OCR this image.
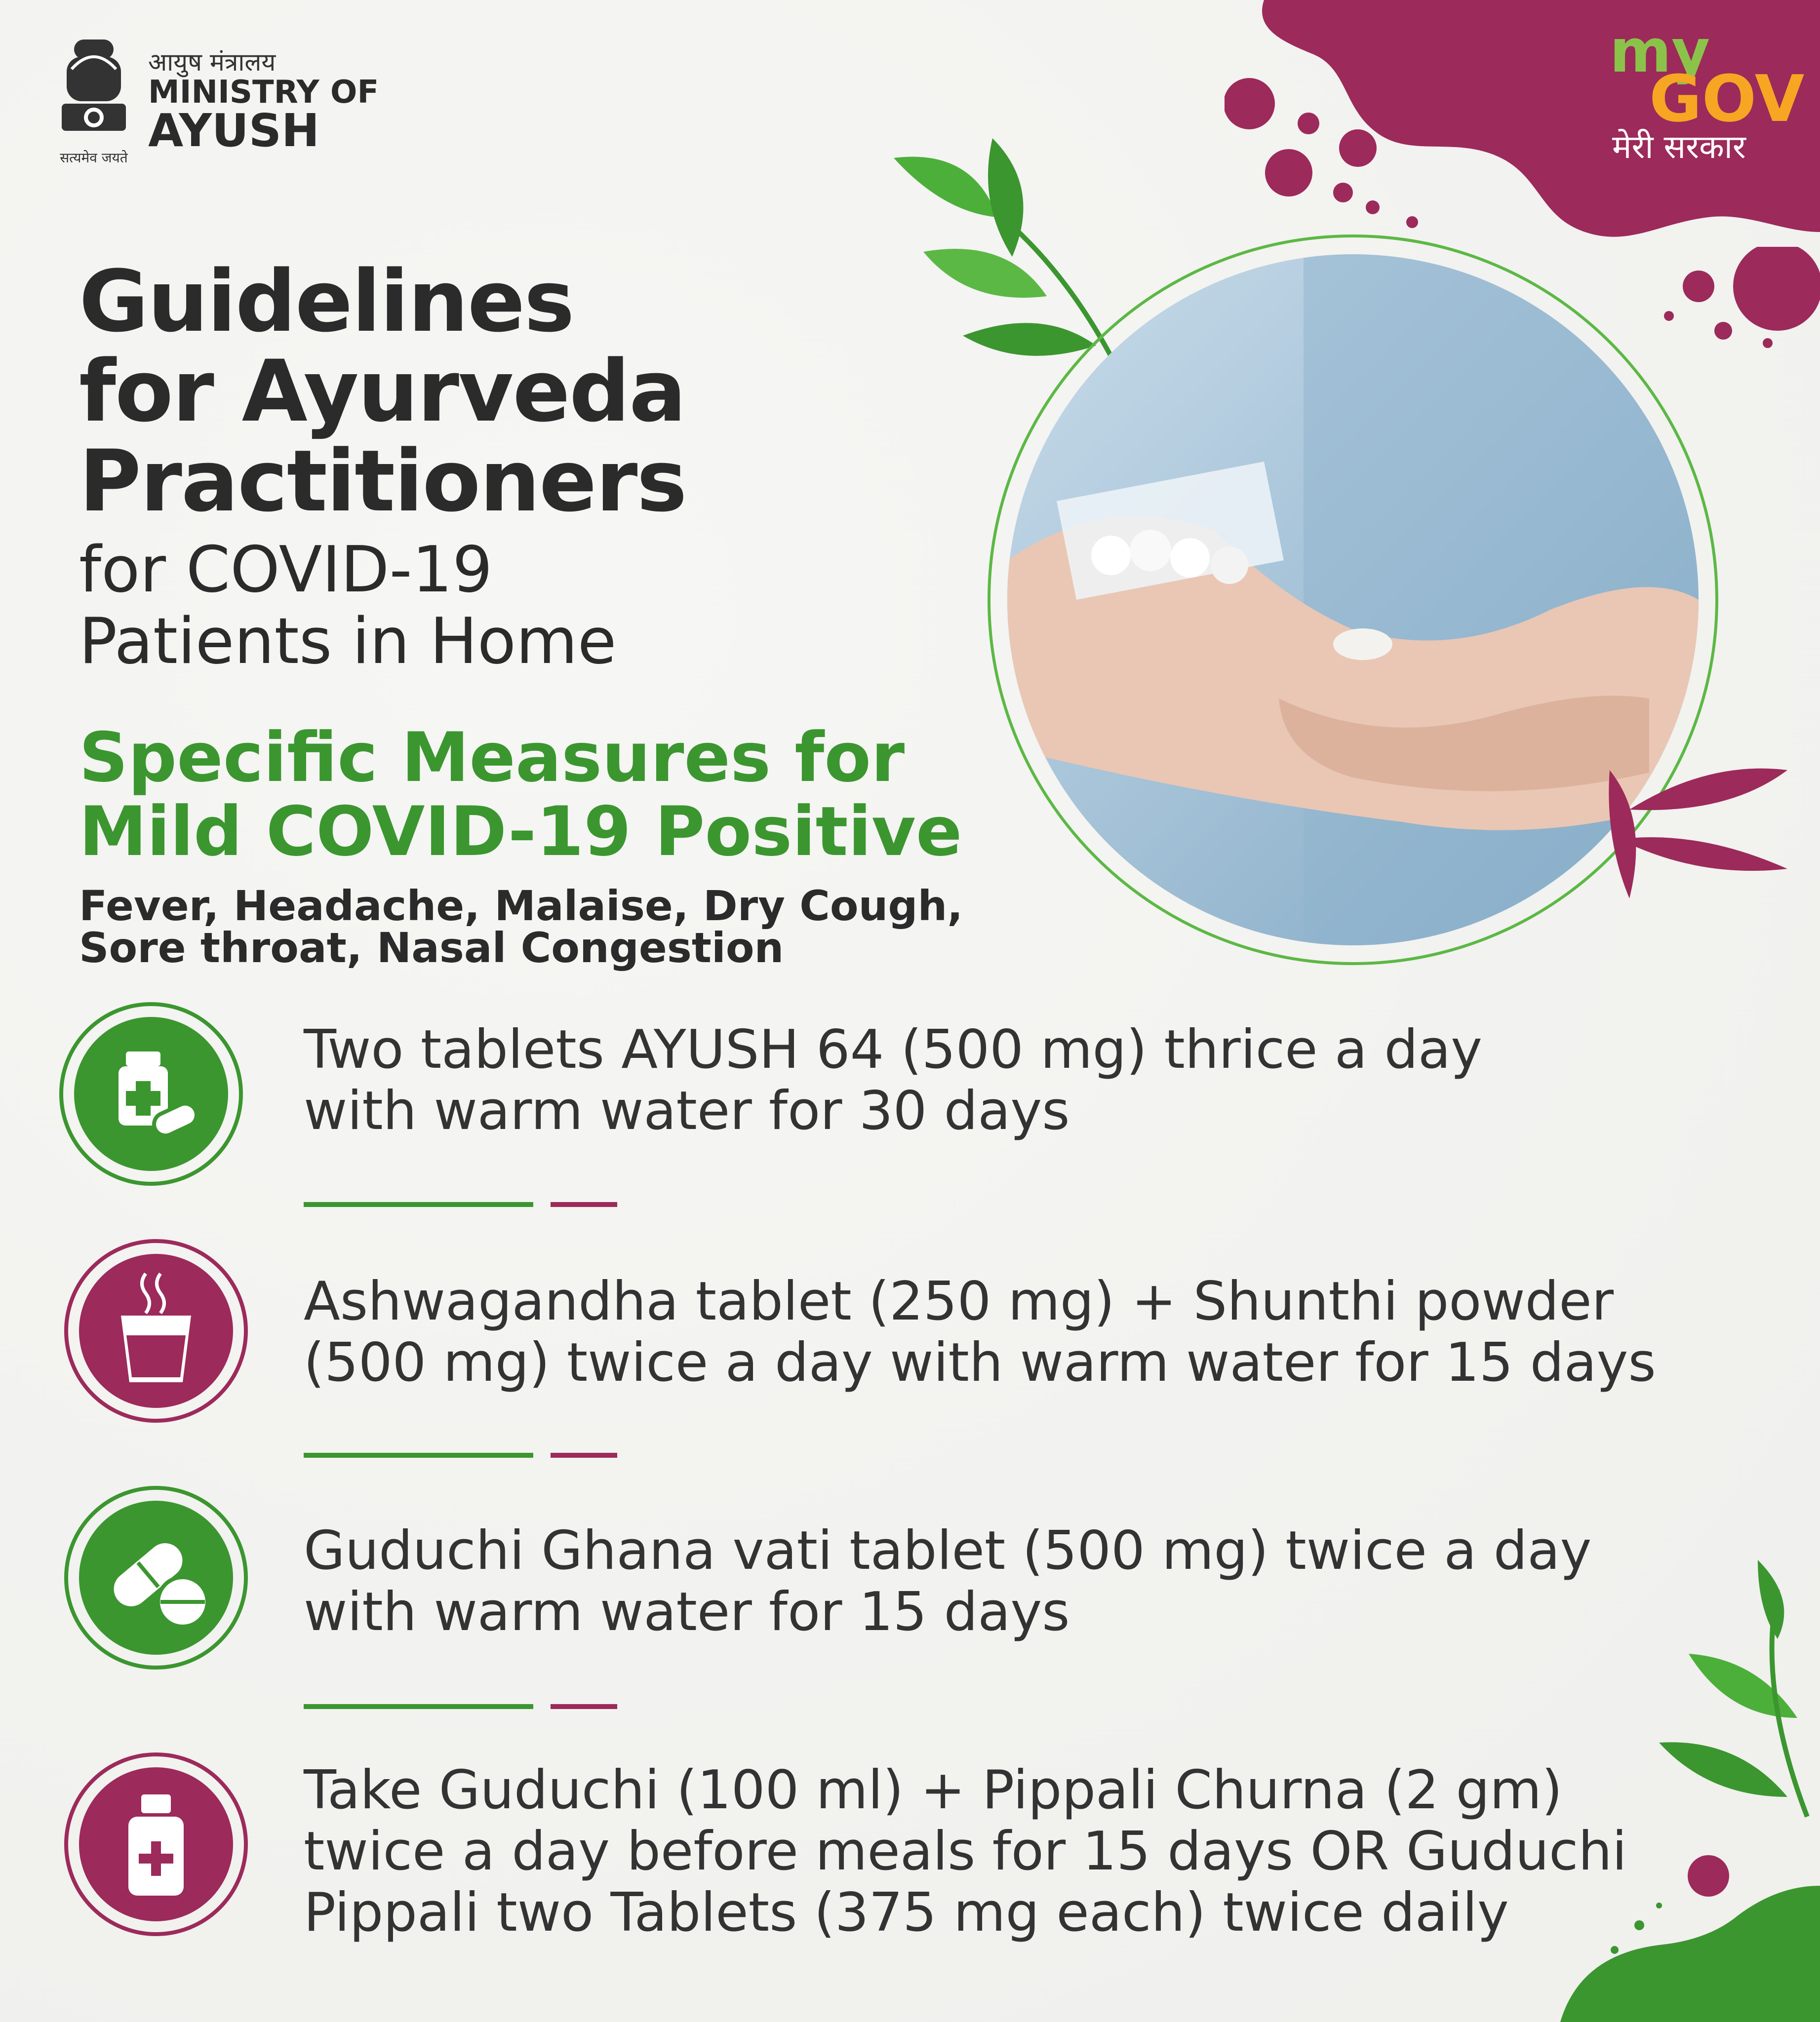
सत्यमेव जयते
आयुष मंत्रालय
MINISTRY OF
AYUSH
my
GOV
मेरी सरकार
Guidelines
for Ayurveda
Practitioners
for COVID-19
Patients in Home
Specific Measures for
Mild COVID-19 Positive
Fever, Headache, Malaise, Dry Cough,
Sore throat, Nasal Congestion
Two tablets AYUSH 64 (500 mg) thrice a day
with warm water for 30 days
Ashwagandha tablet (250 mg) + Shunthi powder
(500 mg) twice a day with warm water for 15 days
Guduchi Ghana vati tablet (500 mg) twice a day
with warm water for 15 days
Take Guduchi (100 ml) + Pippali Churna (2 gm)
twice a day before meals for 15 days OR Guduchi
Pippali two Tablets (375 mg each) twice daily
